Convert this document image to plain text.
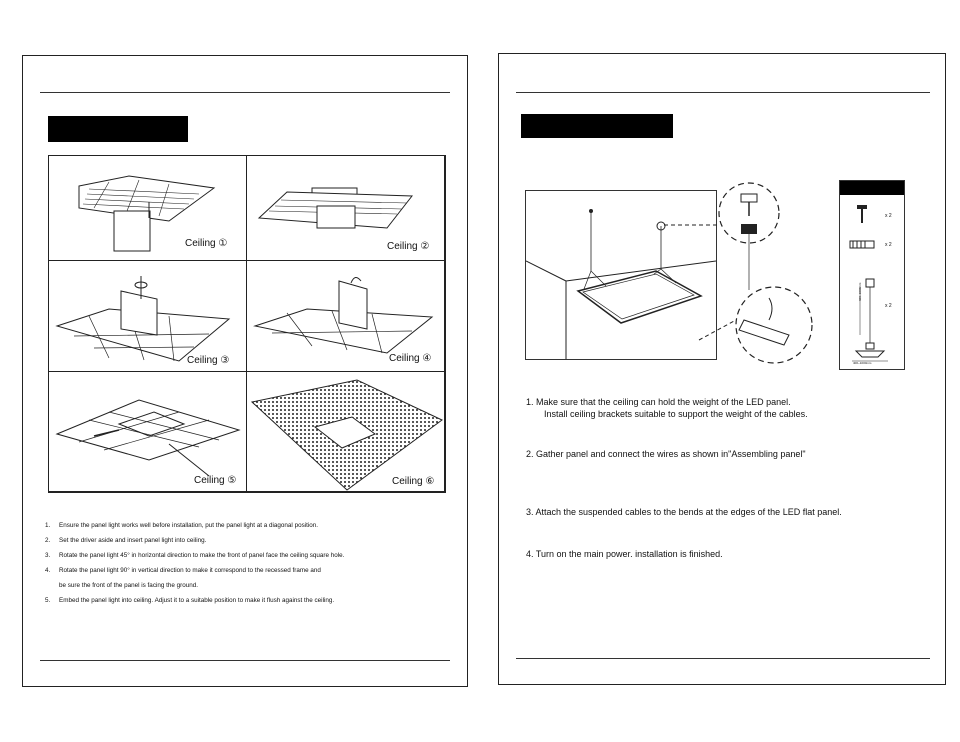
Ceiling ①	Ceiling ②
Ceiling ③	Ceiling ④
Ceiling ⑤	Ceiling ⑥
1.	Ensure the panel light works well before installation, put the panel light at a diagonal position.
2.	Set the driver aside and insert panel light into ceiling.
3.	Rotate the panel light 45° in horizontal direction to make the front of panel face the ceiling square hole.
4.	Rotate the panel light 90° in vertical direction to make it correspond to the recessed frame and
be sure the front of the panel is facing the ground.
5.	Embed the panel light into ceiling. Adjust it to a suitable position to make it flush against the ceiling.
x 2
x 2
x 2
600~1000mm
400~1000mm
1. Make sure that the ceiling can hold the weight of the LED panel.
Install ceiling brackets suitable to support the weight of the cables.
2. Gather panel and connect the wires as shown in"Assembling panel"
3. Attach the suspended cables to the bends at the edges of the LED flat panel.
4. Turn on the main power. installation is finished.
